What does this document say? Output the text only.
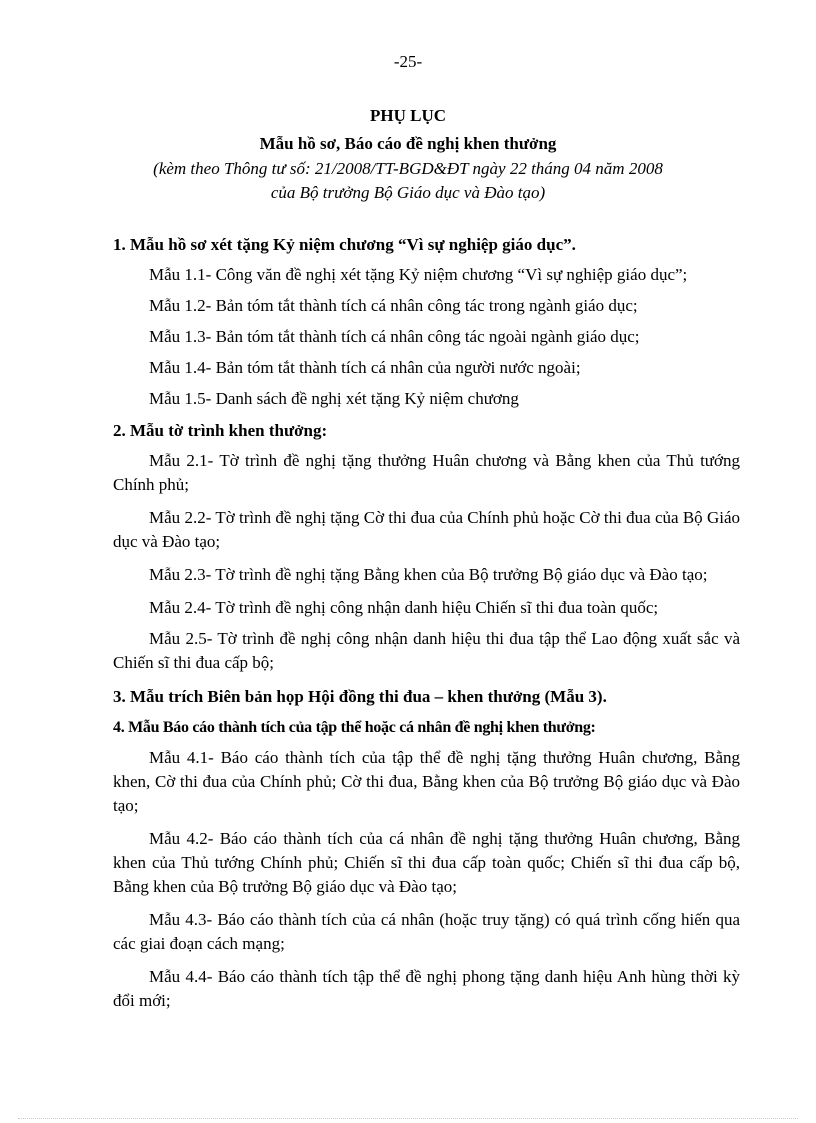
-25-
PHỤ LỤC
Mẫu hồ sơ, Báo cáo đề nghị khen thưởng
(kèm theo Thông tư số: 21/2008/TT-BGD&ĐT ngày 22 tháng 04 năm 2008
của Bộ trưởng Bộ Giáo dục và Đào tạo)
1. Mẫu hồ sơ xét tặng Kỷ niệm chương “Vì sự nghiệp giáo dục”.

Mẫu 1.1- Công văn đề nghị xét tặng Kỷ niệm chương “Vì sự nghiệp giáo dục”;

Mẫu 1.2- Bản tóm tắt thành tích cá nhân công tác trong ngành giáo dục;

Mẫu 1.3- Bản tóm tắt thành tích cá nhân công tác ngoài ngành giáo dục;

Mẫu 1.4- Bản tóm tắt thành tích cá nhân của người nước ngoài;

Mẫu 1.5- Danh sách đề nghị xét tặng Kỷ niệm chương

2. Mẫu tờ trình khen thưởng:

Mẫu 2.1- Tờ trình đề nghị tặng thưởng Huân chương và Bằng khen của Thủ tướng Chính phủ;

Mẫu 2.2- Tờ trình đề nghị tặng Cờ thi đua của Chính phủ hoặc Cờ thi đua của Bộ Giáo dục và Đào tạo;

Mẫu 2.3- Tờ trình đề nghị tặng Bằng khen của Bộ trưởng Bộ giáo dục và Đào tạo;

Mẫu 2.4- Tờ trình đề nghị công nhận danh hiệu Chiến sĩ thi đua toàn quốc;

Mẫu 2.5- Tờ trình đề nghị công nhận danh hiệu thi đua tập thể Lao động xuất sắc và Chiến sĩ thi đua cấp bộ;

3. Mẫu trích Biên bản họp Hội đồng thi đua – khen thưởng (Mẫu 3).
4. Mẫu Báo cáo thành tích của tập thể hoặc cá nhân đề nghị khen thưởng:

Mẫu 4.1- Báo cáo thành tích của tập thể đề nghị tặng thưởng Huân chương, Bằng khen, Cờ thi đua của Chính phủ; Cờ thi đua, Bằng khen của Bộ trưởng Bộ giáo dục và Đào tạo;

Mẫu 4.2- Báo cáo thành tích của cá nhân đề nghị tặng thưởng Huân chương, Bằng khen của Thủ tướng Chính phủ; Chiến sĩ thi đua cấp toàn quốc; Chiến sĩ thi đua cấp bộ, Bằng khen của Bộ trưởng Bộ giáo dục và Đào tạo;

Mẫu 4.3- Báo cáo thành tích của cá nhân (hoặc truy tặng) có quá trình cống hiến qua các giai đoạn cách mạng;

Mẫu 4.4- Báo cáo thành tích tập thể đề nghị phong tặng danh hiệu Anh hùng thời kỳ đổi mới;
